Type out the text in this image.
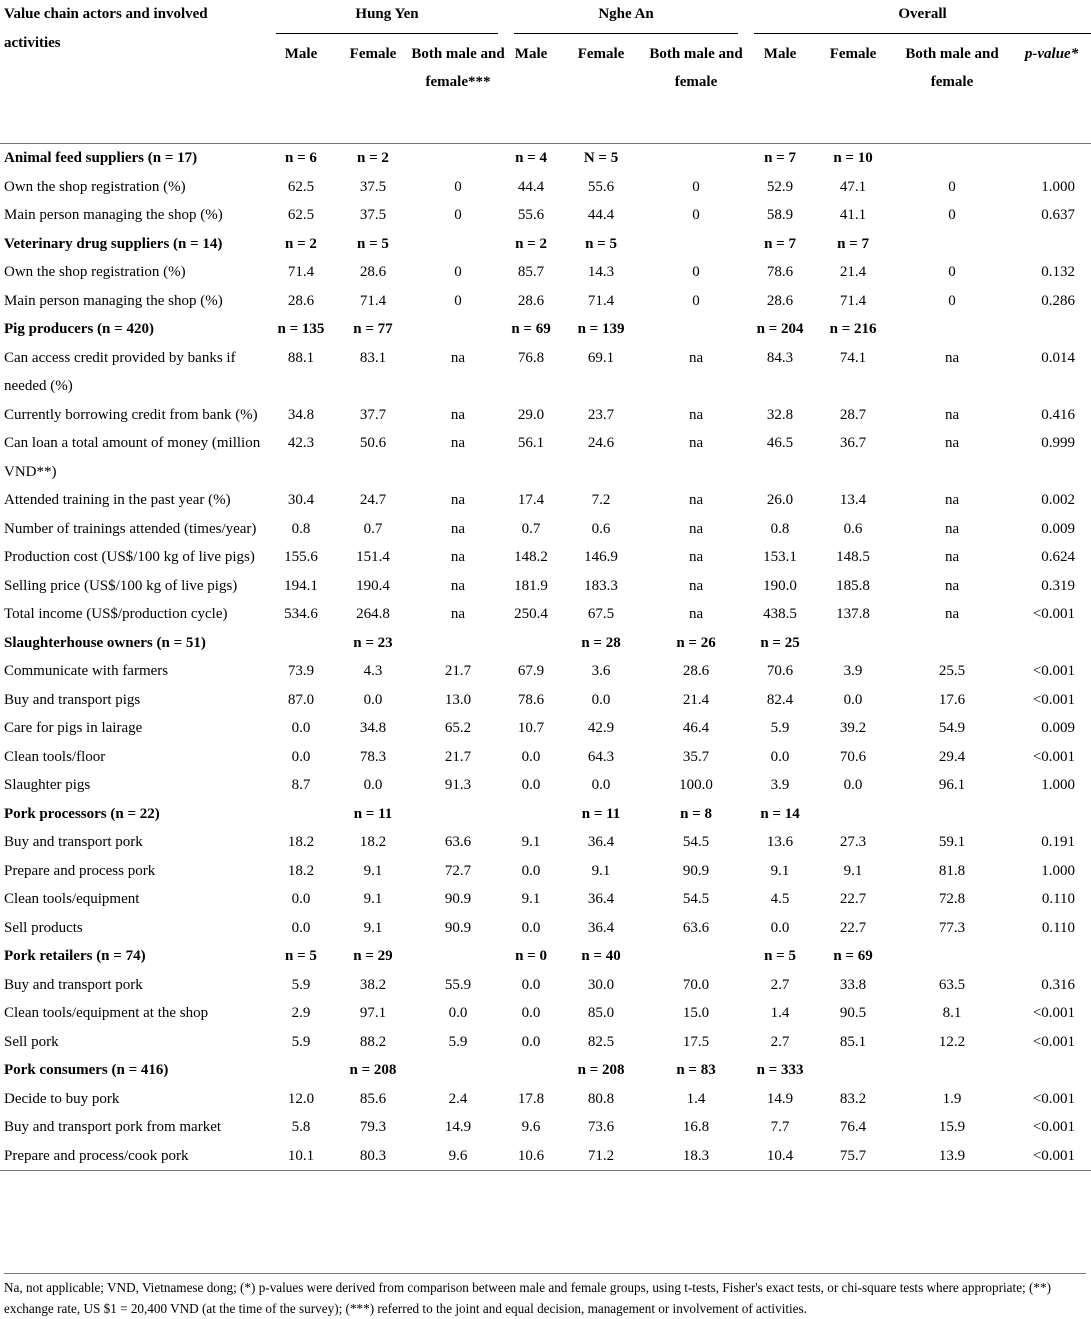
Value chain actors and involved activities	Hung Yen			Nghe An			Overall			

	Male	Female	Both male and female***	Male	Female	Both male and female	Male	Female	Both male and female	p-value*
Animal feed suppliers (n = 17)	n = 6	n = 2		n = 4	N = 5		n = 7	n = 10		
Own the shop registration (%)	62.5	37.5	0	44.4	55.6	0	52.9	47.1	0	1.000
Main person managing the shop (%)	62.5	37.5	0	55.6	44.4	0	58.9	41.1	0	0.637
Veterinary drug suppliers (n = 14)	n = 2	n = 5		n = 2	n = 5		n = 7	n = 7		
Own the shop registration (%)	71.4	28.6	0	85.7	14.3	0	78.6	21.4	0	0.132
Main person managing the shop (%)	28.6	71.4	0	28.6	71.4	0	28.6	71.4	0	0.286
Pig producers (n = 420)	n = 135	n = 77		n = 69	n = 139		n = 204	n = 216		
Can access credit provided by banks if needed (%)	88.1	83.1	na	76.8	69.1	na	84.3	74.1	na	0.014
Currently borrowing credit from bank (%)	34.8	37.7	na	29.0	23.7	na	32.8	28.7	na	0.416
Can loan a total amount of money (million VND**)	42.3	50.6	na	56.1	24.6	na	46.5	36.7	na	0.999
Attended training in the past year (%)	30.4	24.7	na	17.4	7.2	na	26.0	13.4	na	0.002
Number of trainings attended (times/year)	0.8	0.7	na	0.7	0.6	na	0.8	0.6	na	0.009
Production cost (US$/100 kg of live pigs)	155.6	151.4	na	148.2	146.9	na	153.1	148.5	na	0.624
Selling price (US$/100 kg of live pigs)	194.1	190.4	na	181.9	183.3	na	190.0	185.8	na	0.319
Total income (US$/production cycle)	534.6	264.8	na	250.4	67.5	na	438.5	137.8	na	<0.001
Slaughterhouse owners (n = 51)		n = 23			n = 28	n = 26	n = 25			
Communicate with farmers	73.9	4.3	21.7	67.9	3.6	28.6	70.6	3.9	25.5	<0.001
Buy and transport pigs	87.0	0.0	13.0	78.6	0.0	21.4	82.4	0.0	17.6	<0.001
Care for pigs in lairage	0.0	34.8	65.2	10.7	42.9	46.4	5.9	39.2	54.9	0.009
Clean tools/floor	0.0	78.3	21.7	0.0	64.3	35.7	0.0	70.6	29.4	<0.001
Slaughter pigs	8.7	0.0	91.3	0.0	0.0	100.0	3.9	0.0	96.1	1.000
Pork processors (n = 22)		n = 11			n = 11	n = 8	n = 14			
Buy and transport pork	18.2	18.2	63.6	9.1	36.4	54.5	13.6	27.3	59.1	0.191
Prepare and process pork	18.2	9.1	72.7	0.0	9.1	90.9	9.1	9.1	81.8	1.000
Clean tools/equipment	0.0	9.1	90.9	9.1	36.4	54.5	4.5	22.7	72.8	0.110
Sell products	0.0	9.1	90.9	0.0	36.4	63.6	0.0	22.7	77.3	0.110
Pork retailers (n = 74)	n = 5	n = 29		n = 0	n = 40		n = 5	n = 69		
Buy and transport pork	5.9	38.2	55.9	0.0	30.0	70.0	2.7	33.8	63.5	0.316
Clean tools/equipment at the shop	2.9	97.1	0.0	0.0	85.0	15.0	1.4	90.5	8.1	<0.001
Sell pork	5.9	88.2	5.9	0.0	82.5	17.5	2.7	85.1	12.2	<0.001
Pork consumers (n = 416)		n = 208			n = 208	n = 83	n = 333			
Decide to buy pork	12.0	85.6	2.4	17.8	80.8	1.4	14.9	83.2	1.9	<0.001
Buy and transport pork from market	5.8	79.3	14.9	9.6	73.6	16.8	7.7	76.4	15.9	<0.001
Prepare and process/cook pork	10.1	80.3	9.6	10.6	71.2	18.3	10.4	75.7	13.9	<0.001
Na, not applicable; VND, Vietnamese dong; (*) p-values were derived from comparison between male and female groups, using t-tests, Fisher's exact tests, or chi-square tests where appropriate; (**) exchange rate, US $1 = 20,400 VND (at the time of the survey); (***) referred to the joint and equal decision, management or involvement of activities.
